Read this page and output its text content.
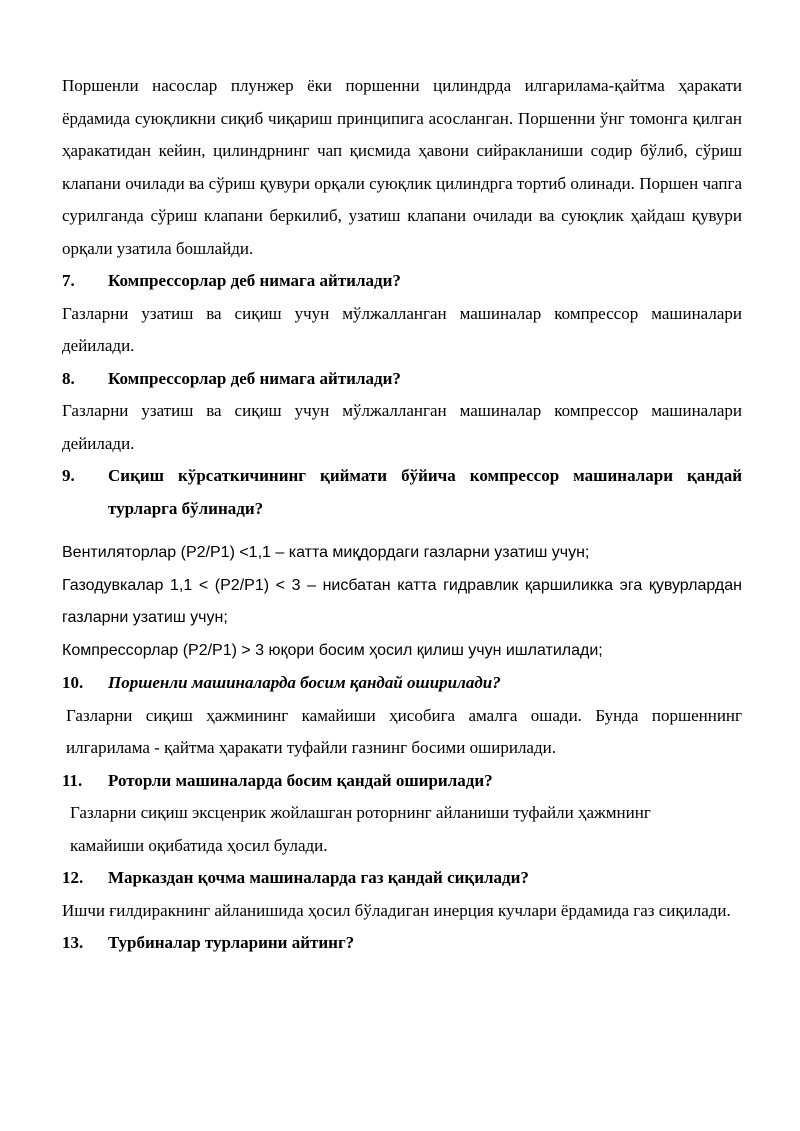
Поршенли насослар плунжер ёки поршенни цилиндрда илгарилама-қайтма ҳаракати ёрдамида суюқликни сиқиб чиқариш принципига асосланган. Поршенни ўнг томонга қилган ҳаракатидан кейин, цилиндрнинг чап қисмида ҳавони сийракланиши содир бўлиб, сўриш клапани очилади ва сўриш қувури орқали суюқлик цилиндрга тортиб олинади. Поршен чапга сурилганда сўриш клапани беркилиб, узатиш клапани очилади ва суюқлик ҳайдаш қувури орқали узатила бошлайди.

7.	Компрессорлар деб нимага айтилади?

Газларни узатиш ва сиқиш учун мўлжалланган машиналар компрессор машиналари дейилади.

8.	Компрессорлар деб нимага айтилади?

Газларни узатиш ва сиқиш учун мўлжалланган машиналар компрессор машиналари дейилади.

9.	Сиқиш кўрсаткичининг қиймати бўйича компрессор машиналари қандай турларга бўлинади?

Вентиляторлар (P2/P1) <1,1 – катта миқдордаги газларни узатиш учун;

Газодувкалар 1,1 < (P2/P1) < 3 – нисбатан катта гидравлик қаршиликка эга қувурлардан газларни узатиш учун;

Компрессорлар (P2/P1) > 3 юқори босим ҳосил қилиш учун ишлатилади;

10.	Поршенли машиналарда босим қандай оширилади?

Газларни сиқиш ҳажмининг камайиши ҳисобига амалга ошади. Бунда поршеннинг илгарилама - қайтма ҳаракати туфайли газнинг босими оширилади.

11.	Роторли машиналарда босим қандай оширилади?

Газларни сиқиш эксценрик жойлашган роторнинг айланиши туфайли ҳажмнинг камайиши оқибатида ҳосил булади.

12.	Марказдан қочма машиналарда газ қандай сиқилади?

Ишчи ғилдиракнинг айланишида ҳосил бўладиган инерция кучлари ёрдамида газ сиқилади.

13.	Турбиналар турларини айтинг?
